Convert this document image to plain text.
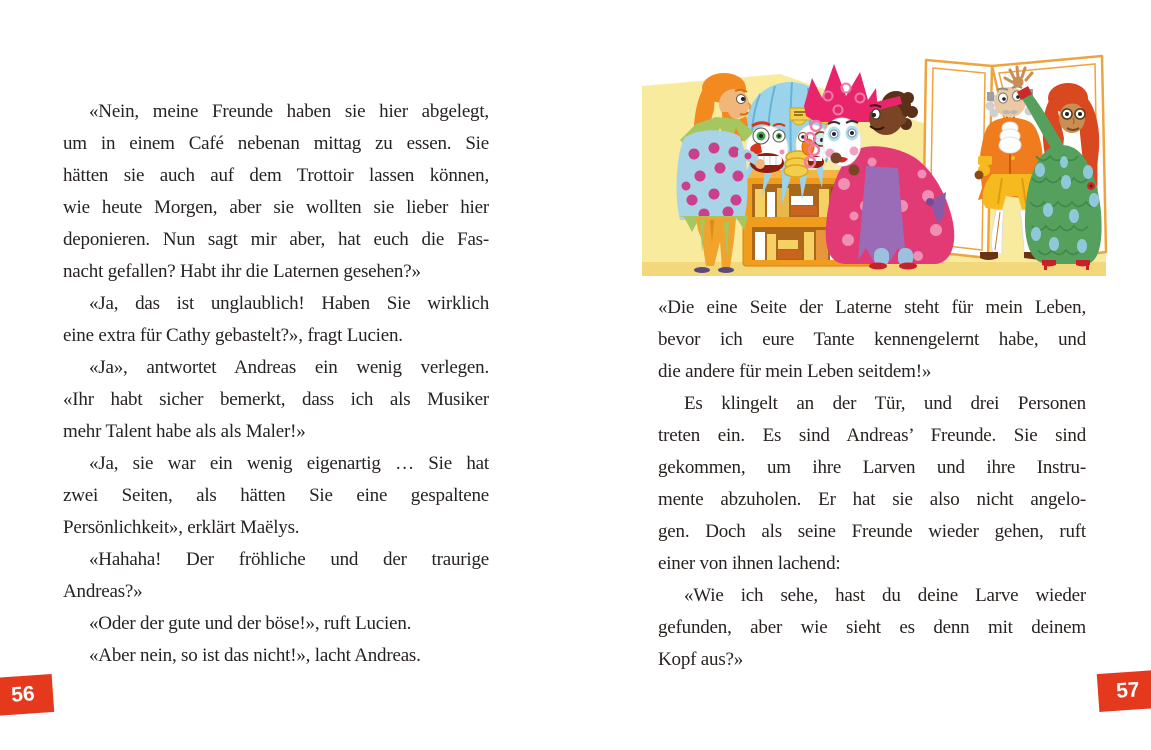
«Nein, meine Freunde haben sie hier abgelegt,
um in einem Café nebenan mittag zu essen. Sie
hätten sie auch auf dem Trottoir lassen können,
wie heute Morgen, aber sie wollten sie lieber hier
deponieren. Nun sagt mir aber, hat euch die Fas-
nacht gefallen? Habt ihr die Laternen gesehen?»
«Ja, das ist unglaublich! Haben Sie wirklich
eine extra für Cathy gebastelt?», fragt Lucien.
«Ja», antwortet Andreas ein wenig verlegen.
«Ihr habt sicher bemerkt, dass ich als Musiker
mehr Talent habe als als Maler!»
«Ja, sie war ein wenig eigenartig … Sie hat
zwei Seiten, als hätten Sie eine gespaltene
Persönlichkeit», erklärt Maëlys.
«Hahaha! Der fröhliche und der traurige
Andreas?»
«Oder der gute und der böse!», ruft Lucien.
«Aber nein, so ist das nicht!», lacht Andreas.
56
«Die eine Seite der Laterne steht für mein Leben,
bevor ich eure Tante kennengelernt habe, und
die andere für mein Leben seitdem!»
Es klingelt an der Tür, und drei Personen
treten ein. Es sind Andreas’ Freunde. Sie sind
gekommen, um ihre Larven und ihre Instru-
mente abzuholen. Er hat sie also nicht angelo-
gen. Doch als seine Freunde wieder gehen, ruft
einer von ihnen lachend:
«Wie ich sehe, hast du deine Larve wieder
gefunden, aber wie sieht es denn mit deinem
Kopf aus?»
57
